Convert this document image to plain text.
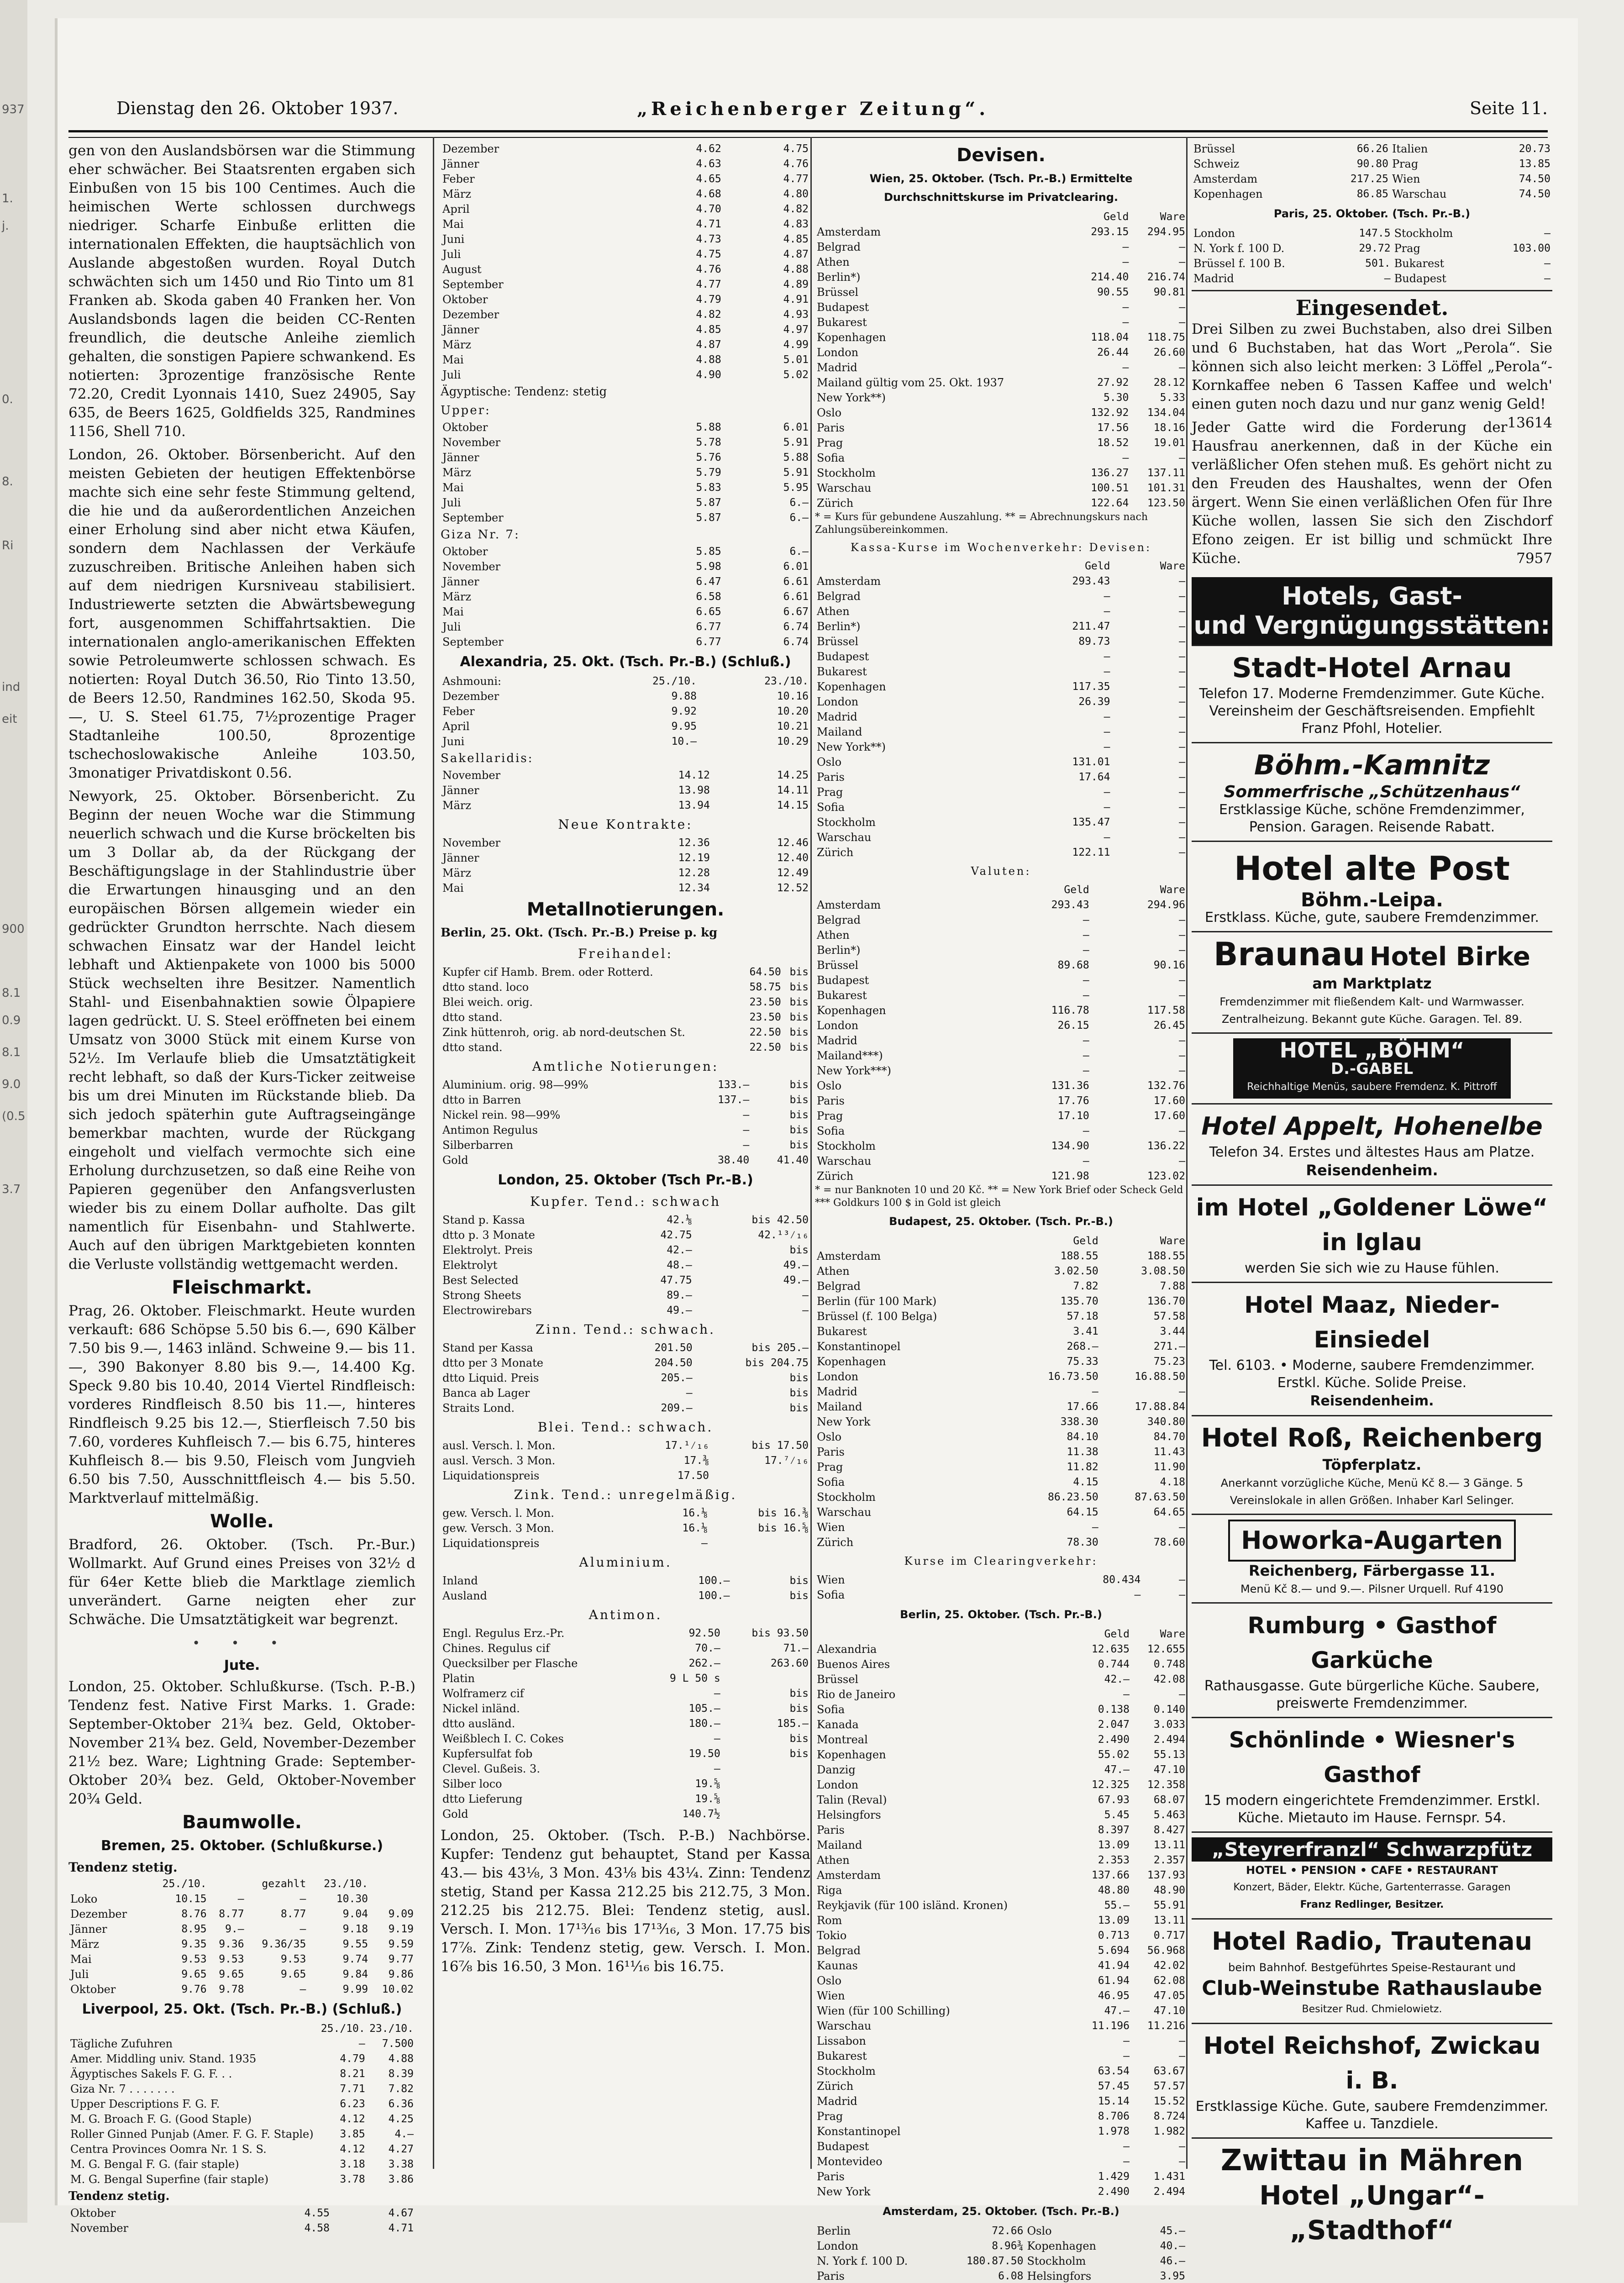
937
1.
j.
0.
8.
Ri
ind
eit
900
8.1
0.9
8.1
9.0
(0.5
3.7
Dienstag den 26. Oktober 1937.	„Reichenberger Zeitung“.	Seite 11.

gen von den Auslandsbörsen war die Stimmung eher schwächer. Bei Staatsrenten ergaben sich Einbußen von 15 bis 100 Centimes. Auch die heimischen Werte schlossen durchwegs niedriger. Scharfe Einbuße erlitten die internationalen Effekten, die hauptsächlich von Auslande abgestoßen wurden. Royal Dutch schwächten sich um 1450 und Rio Tinto um 81 Franken ab. Skoda gaben 40 Franken her. Von Auslandsbonds lagen die beiden CC-Renten freundlich, die deutsche Anleihe ziemlich gehalten, die sonstigen Papiere schwankend. Es notierten: 3prozentige französische Rente 72.20, Credit Lyonnais 1410, Suez 24905, Say 635, de Beers 1625, Goldfields 325, Randmines 1156, Shell 710.

London, 26. Oktober. Börsenbericht. Auf den meisten Gebieten der heutigen Effektenbörse machte sich eine sehr feste Stimmung geltend, die hie und da außerordentlichen Anzeichen einer Erholung sind aber nicht etwa Käufen, sondern dem Nachlassen der Verkäufe zuzuschreiben. Britische Anleihen haben sich auf dem niedrigen Kursniveau stabilisiert. Industriewerte setzten die Abwärtsbewegung fort, ausgenommen Schiffahrtsaktien. Die internationalen anglo-amerikanischen Effekten sowie Petroleumwerte schlossen schwach. Es notierten: Royal Dutch 36.50, Rio Tinto 13.50, de Beers 12.50, Randmines 162.50, Skoda 95.—, U. S. Steel 61.75, 7½prozentige Prager Stadtanleihe 100.50, 8prozentige tschechoslowakische Anleihe 103.50, 3monatiger Privatdiskont 0.56.

Newyork, 25. Oktober. Börsenbericht. Zu Beginn der neuen Woche war die Stimmung neuerlich schwach und die Kurse bröckelten bis um 3 Dollar ab, da der Rückgang der Beschäftigungslage in der Stahlindustrie über die Erwartungen hinausging und an den europäischen Börsen allgemein wieder ein gedrückter Grundton herrschte. Nach diesem schwachen Einsatz war der Handel leicht lebhaft und Aktienpakete von 1000 bis 5000 Stück wechselten ihre Besitzer. Namentlich Stahl- und Eisenbahnaktien sowie Ölpapiere lagen gedrückt. U. S. Steel eröffneten bei einem Umsatz von 3000 Stück mit einem Kurse von 52½. Im Verlaufe blieb die Umsatztätigkeit recht lebhaft, so daß der Kurs-Ticker zeitweise bis um drei Minuten im Rückstande blieb. Da sich jedoch späterhin gute Auftragseingänge bemerkbar machten, wurde der Rückgang eingeholt und vielfach vermochte sich eine Erholung durchzusetzen, so daß eine Reihe von Papieren gegenüber den Anfangsverlusten wieder bis zu einem Dollar aufholte. Das gilt namentlich für Eisenbahn- und Stahlwerte. Auch auf den übrigen Marktgebieten konnten die Verluste vollständig wettgemacht werden.

Fleischmarkt.

Prag, 26. Oktober. Fleischmarkt. Heute wurden verkauft: 686 Schöpse 5.50 bis 6.—, 690 Kälber 7.50 bis 9.—, 1463 inländ. Schweine 9.— bis 11.—, 390 Bakonyer 8.80 bis 9.—, 14.400 Kg. Speck 9.80 bis 10.40, 2014 Viertel Rindfleisch: vorderes Rindfleisch 8.50 bis 11.—, hinteres Rindfleisch 9.25 bis 12.—, Stierfleisch 7.50 bis 7.60, vorderes Kuhfleisch 7.— bis 6.75, hinteres Kuhfleisch 8.— bis 9.50, Fleisch vom Jungvieh 6.50 bis 7.50, Ausschnittfleisch 4.— bis 5.50. Marktverlauf mittelmäßig.

Wolle.

Bradford, 26. Oktober. (Tsch. Pr.-Bur.) Wollmarkt. Auf Grund eines Preises von 32½ d für 64er Kette blieb die Marktlage ziemlich unverändert. Garne neigten eher zur Schwäche. Die Umsatztätigkeit war begrenzt.

• • •
Jute.

London, 25. Oktober. Schlußkurse. (Tsch. P.-B.) Tendenz fest. Native First Marks. 1. Grade: September-Oktober 21¾ bez. Geld, Oktober-November 21¾ bez. Geld, November-Dezember 21½ bez. Ware; Lightning Grade: September-Oktober 20¾ bez. Geld, Oktober-November 20¾ Geld.

Baumwolle.
Bremen, 25. Oktober. (Schlußkurse.)
Tendenz stetig.
	25./10.		gezahlt	23./10.	
Loko	10.15	—	—	10.30	
Dezember	8.76	8.77	8.77	9.04	9.09
Jänner	8.95	9.—	—	9.18	9.19
März	9.35	9.36	9.36/35	9.55	9.59
Mai	9.53	9.53	9.53	9.74	9.77
Juli	9.65	9.65	9.65	9.84	9.86
Oktober	9.76	9.78	—	9.99	10.02
Liverpool, 25. Okt. (Tsch. Pr.-B.) (Schluß.)
	25./10.	23./10.
Tägliche Zufuhren	—	7.500
Amer. Middling univ. Stand. 1935	4.79	4.88
Ägyptisches Sakels F. G. F. . .	8.21	8.39
Giza Nr. 7 . . . . . . .	7.71	7.82
Upper Descriptions F. G. F.	6.23	6.36
M. G. Broach F. G. (Good Staple)	4.12	4.25
Roller Ginned Punjab (Amer. F. G. F. Staple)	3.85	4.—
Centra Provinces Oomra Nr. 1 S. S.	4.12	4.27
M. G. Bengal F. G. (fair staple)	3.18	3.38
M. G. Bengal Superfine (fair staple)	3.78	3.86
Tendenz stetig.
Oktober	4.55	4.67
November	4.58	4.71
Dezember	4.62	4.75
Jänner	4.63	4.76
Feber	4.65	4.77
März	4.68	4.80
April	4.70	4.82
Mai	4.71	4.83
Juni	4.73	4.85
Juli	4.75	4.87
August	4.76	4.88
September	4.77	4.89
Oktober	4.79	4.91
Dezember	4.82	4.93
Jänner	4.85	4.97
März	4.87	4.99
Mai	4.88	5.01
Juli	4.90	5.02
Ägyptische: Tendenz: stetig
Upper:
Oktober	5.88	6.01
November	5.78	5.91
Jänner	5.76	5.88
März	5.79	5.91
Mai	5.83	5.95
Juli	5.87	6.—
September	5.87	6.—
Giza Nr. 7:
Oktober	5.85	6.—
November	5.98	6.01
Jänner	6.47	6.61
März	6.58	6.61
Mai	6.65	6.67
Juli	6.77	6.74
September	6.77	6.74
Alexandria, 25. Okt. (Tsch. Pr.-B.) (Schluß.)
Ashmouni:	25./10.	23./10.
Dezember	9.88	10.16
Feber	9.92	10.20
April	9.95	10.21
Juni	10.—	10.29
Sakellaridis:
November	14.12	14.25
Jänner	13.98	14.11
März	13.94	14.15
Neue Kontrakte:
November	12.36	12.46
Jänner	12.19	12.40
März	12.28	12.49
Mai	12.34	12.52
Metallnotierungen.
Berlin, 25. Okt. (Tsch. Pr.-B.) Preise p. kg
Freihandel:
Kupfer cif Hamb. Brem. oder Rotterd.	64.50	bis
dtto stand. loco	58.75	bis
Blei weich. orig.	23.50	bis
dtto stand.	23.50	bis
Zink hüttenroh, orig. ab nord-deutschen St.	22.50	bis
dtto stand.	22.50	bis
Amtliche Notierungen:
Aluminium. orig. 98—99%	133.—	bis
dtto in Barren	137.—	bis
Nickel rein. 98—99%	—	bis
Antimon Regulus	—	bis
Silberbarren	—	bis
Gold	38.40	41.40
London, 25. Oktober (Tsch Pr.-B.)
Kupfer. Tend.: schwach
Stand p. Kassa	42.⅛	bis 42.50
dtto p. 3 Monate	42.75	42.¹³⁄₁₆
Elektrolyt. Preis	42.—	bis
Elektrolyt	48.—	49.—
Best Selected	47.75	49.—
Strong Sheets	89.—	—
Electrowirebars	49.—	—
Zinn. Tend.: schwach.
Stand per Kassa	201.50	bis 205.—
dtto per 3 Monate	204.50	bis 204.75
dtto Liquid. Preis	205.—	bis
Banca ab Lager	—	bis
Straits Lond.	209.—	bis
Blei. Tend.: schwach.
ausl. Versch. l. Mon.	17.¹⁄₁₆	bis 17.50
ausl. Versch. 3 Mon.	17.⅜	17.⁷⁄₁₆
Liquidationspreis	17.50	
Zink. Tend.: unregelmäßig.
gew. Versch. l. Mon.	16.⅛	bis 16.⅜
gew. Versch. 3 Mon.	16.⅛	bis 16.⅝
Liquidationspreis	—	
Aluminium.
Inland	100.—	bis
Ausland	100.—	bis
Antimon.
Engl. Regulus Erz.-Pr.	92.50	bis 93.50
Chines. Regulus cif	70.—	71.—
Quecksilber per Flasche	262.—	263.60
Platin	9 L 50 s	
Wolframerz cif	—	bis
Nickel inländ.	105.—	bis
dtto ausländ.	180.—	185.—
Weißblech I. C. Cokes	—	bis
Kupfersulfat fob	19.50	bis
Clevel. Gußeis. 3.	—	
Silber loco	19.⅝	
dtto Lieferung	19.⅝	
Gold	140.7½	

London, 25. Oktober. (Tsch. P.-B.) Nachbörse. Kupfer: Tendenz gut behauptet, Stand per Kassa 43.— bis 43⅛, 3 Mon. 43⅛ bis 43¼. Zinn: Tendenz stetig, Stand per Kassa 212.25 bis 212.75, 3 Mon. 212.25 bis 212.75. Blei: Tendenz stetig, ausl. Versch. I. Mon. 17¹³⁄₁₆ bis 17¹³⁄₁₆, 3 Mon. 17.75 bis 17⅞. Zink: Tendenz stetig, gew. Versch. I. Mon. 16⅞ bis 16.50, 3 Mon. 16¹¹⁄₁₆ bis 16.75.

Devisen.
Wien, 25. Oktober. (Tsch. Pr.-B.) Ermittelte Durchschnittskurse im Privatclearing.
	Geld	Ware
Amsterdam	293.15	294.95
Belgrad	—	—
Athen	—	—
Berlin*)	214.40	216.74
Brüssel	90.55	90.81
Budapest	—	—
Bukarest	—	—
Kopenhagen	118.04	118.75
London	26.44	26.60
Madrid	—	—
Mailand gültig vom 25. Okt. 1937	27.92	28.12
New York**)	5.30	5.33
Oslo	132.92	134.04
Paris	17.56	18.16
Prag	18.52	19.01
Sofia	—	—
Stockholm	136.27	137.11
Warschau	100.51	101.31
Zürich	122.64	123.50
* = Kurs für gebundene Auszahlung. ** = Abrechnungskurs nach Zahlungsübereinkommen.
Kassa-Kurse im Wochenverkehr: Devisen:
	Geld	Ware
Amsterdam	293.43	—
Belgrad	—	—
Athen	—	—
Berlin*)	211.47	—
Brüssel	89.73	—
Budapest	—	—
Bukarest	—	—
Kopenhagen	117.35	—
London	26.39	—
Madrid	—	—
Mailand	—	—
New York**)	—	—
Oslo	131.01	—
Paris	17.64	—
Prag	—	—
Sofia	—	—
Stockholm	135.47	—
Warschau	—	—
Zürich	122.11	—
Valuten:
	Geld	Ware
Amsterdam	293.43	294.96
Belgrad	—	—
Athen	—	—
Berlin*)	—	—
Brüssel	89.68	90.16
Budapest	—	—
Bukarest	—	—
Kopenhagen	116.78	117.58
London	26.15	26.45
Madrid	—	—
Mailand***)	—	—
New York***)	—	—
Oslo	131.36	132.76
Paris	17.76	17.60
Prag	17.10	17.60
Sofia	—	—
Stockholm	134.90	136.22
Warschau	—	—
Zürich	121.98	123.02
* = nur Banknoten 10 und 20 Kč. ** = New York Brief oder Scheck Geld *** Goldkurs 100 $ in Gold ist gleich
Budapest, 25. Oktober. (Tsch. Pr.-B.)
	Geld	Ware
Amsterdam	188.55	188.55
Athen	3.02.50	3.08.50
Belgrad	7.82	7.88
Berlin (für 100 Mark)	135.70	136.70
Brüssel (f. 100 Belga)	57.18	57.58
Bukarest	3.41	3.44
Konstantinopel	268.—	271.—
Kopenhagen	75.33	75.23
London	16.73.50	16.88.50
Madrid	—	—
Mailand	17.66	17.88.84
New York	338.30	340.80
Oslo	84.10	84.70
Paris	11.38	11.43
Prag	11.82	11.90
Sofia	4.15	4.18
Stockholm	86.23.50	87.63.50
Warschau	64.15	64.65
Wien	—	—
Zürich	78.30	78.60
Kurse im Clearingverkehr:
Wien	80.434	—
Sofia	—	—
Berlin, 25. Oktober. (Tsch. Pr.-B.)
	Geld	Ware
Alexandria	12.635	12.655
Buenos Aires	0.744	0.748
Brüssel	42.—	42.08
Rio de Janeiro	—	—
Sofia	0.138	0.140
Kanada	2.047	3.033
Montreal	2.490	2.494
Kopenhagen	55.02	55.13
Danzig	47.—	47.10
London	12.325	12.358
Talin (Reval)	67.93	68.07
Helsingfors	5.45	5.463
Paris	8.397	8.427
Mailand	13.09	13.11
Athen	2.353	2.357
Amsterdam	137.66	137.93
Riga	48.80	48.90
Reykjavik (für 100 isländ. Kronen)	55.—	55.91
Rom	13.09	13.11
Tokio	0.713	0.717
Belgrad	5.694	56.968
Kaunas	41.94	42.02
Oslo	61.94	62.08
Wien	46.95	47.05
Wien (für 100 Schilling)	47.—	47.10
Warschau	11.196	11.216
Lissabon	—	—
Bukarest	—	—
Stockholm	63.54	63.67
Zürich	57.45	57.57
Madrid	15.14	15.52
Prag	8.706	8.724
Konstantinopel	1.978	1.982
Budapest	—	—
Montevideo	—	—
Paris	1.429	1.431
New York	2.490	2.494
Amsterdam, 25. Oktober. (Tsch. Pr.-B.)
Berlin	72.66	Oslo	45.—
London	8.96¾	Kopenhagen	40.—
N. York f. 100 D.	180.87.50	Stockholm	46.—
Paris	6.08	Helsingfors	3.95

Brüssel	66.26	Italien	20.73
Schweiz	90.80	Prag	13.85
Amsterdam	217.25	Wien	74.50
Kopenhagen	86.85	Warschau	74.50
Paris, 25. Oktober. (Tsch. Pr.-B.)
London	147.5	Stockholm	—
N. York f. 100 D.	29.72	Prag	103.00
Brüssel f. 100 B.	501.	Bukarest	—
Madrid	—	Budapest	—
Eingesendet.

Drei Silben zu zwei Buchstaben, also drei Silben und 6 Buchstaben, hat das Wort „Perola“. Sie können sich also leicht merken: 3 Löffel „Perola“-Kornkaffee neben 6 Tassen Kaffee und welch' einen guten noch dazu und nur ganz wenig Geld!
13614

Jeder Gatte wird die Forderung der Hausfrau anerkennen, daß in der Küche ein verläßlicher Ofen stehen muß. Es gehört nicht zu den Freuden des Haushaltes, wenn der Ofen ärgert. Wenn Sie einen verläßlichen Ofen für Ihre Küche wollen, lassen Sie sich den Zischdorf Efono zeigen. Er ist billig und schmückt Ihre Küche.	7957

Hotels, Gast-
und Vergnügungsstätten:
Stadt-Hotel Arnau
Telefon 17. Moderne Fremdenzimmer. Gute Küche. Vereinsheim der Geschäftsreisenden. Empfiehlt Franz Pfohl, Hotelier.
Böhm.-Kamnitz
Sommerfrische „Schützenhaus“
Erstklassige Küche, schöne Fremdenzimmer, Pension. Garagen. Reisende Rabatt.
Hotel alte Post
Böhm.-Leipa.
Erstklass. Küche, gute, saubere Fremdenzimmer.
Braunau Hotel Birke
am Marktplatz
Fremdenzimmer mit fließendem Kalt- und Warmwasser. Zentralheizung. Bekannt gute Küche. Garagen. Tel. 89.
HOTEL „BÖHM“
D.-GABEL
Reichhaltige Menüs, saubere Fremdenz. K. Pittroff
Hotel Appelt, Hohenelbe
Telefon 34. Erstes und ältestes Haus am Platze.
Reisendenheim.
im Hotel „Goldener Löwe“
in Iglau
werden Sie sich wie zu Hause fühlen.
Hotel Maaz, Nieder-Einsiedel
Tel. 6103. • Moderne, saubere Fremdenzimmer. Erstkl. Küche. Solide Preise.
Reisendenheim.
Hotel Roß, Reichenberg
Töpferplatz.
Anerkannt vorzügliche Küche, Menü Kč 8.— 3 Gänge. 5 Vereinslokale in allen Größen. Inhaber Karl Selinger.
Howorka-Augarten
Reichenberg, Färbergasse 11.
Menü Kč 8.— und 9.—. Pilsner Urquell. Ruf 4190
Rumburg • Gasthof Garküche
Rathausgasse. Gute bürgerliche Küche. Saubere, preiswerte Fremdenzimmer.
Schönlinde • Wiesner's Gasthof
15 modern eingerichtete Fremdenzimmer. Erstkl. Küche. Mietauto im Hause. Fernspr. 54.
„Steyrerfranzl“ Schwarzpfütz
HOTEL • PENSION • CAFE • RESTAURANT
Konzert, Bäder, Elektr. Küche, Gartenterrasse. Garagen
Franz Redlinger, Besitzer.
Hotel Radio, Trautenau
beim Bahnhof. Bestgeführtes Speise-Restaurant und
Club-Weinstube Rathauslaube
Besitzer Rud. Chmielowietz.
Hotel Reichshof, Zwickau i. B.
Erstklassige Küche. Gute, saubere Fremdenzimmer. Kaffee u. Tanzdiele.
Zwittau in Mähren
Hotel „Ungar“-„Stadthof“
